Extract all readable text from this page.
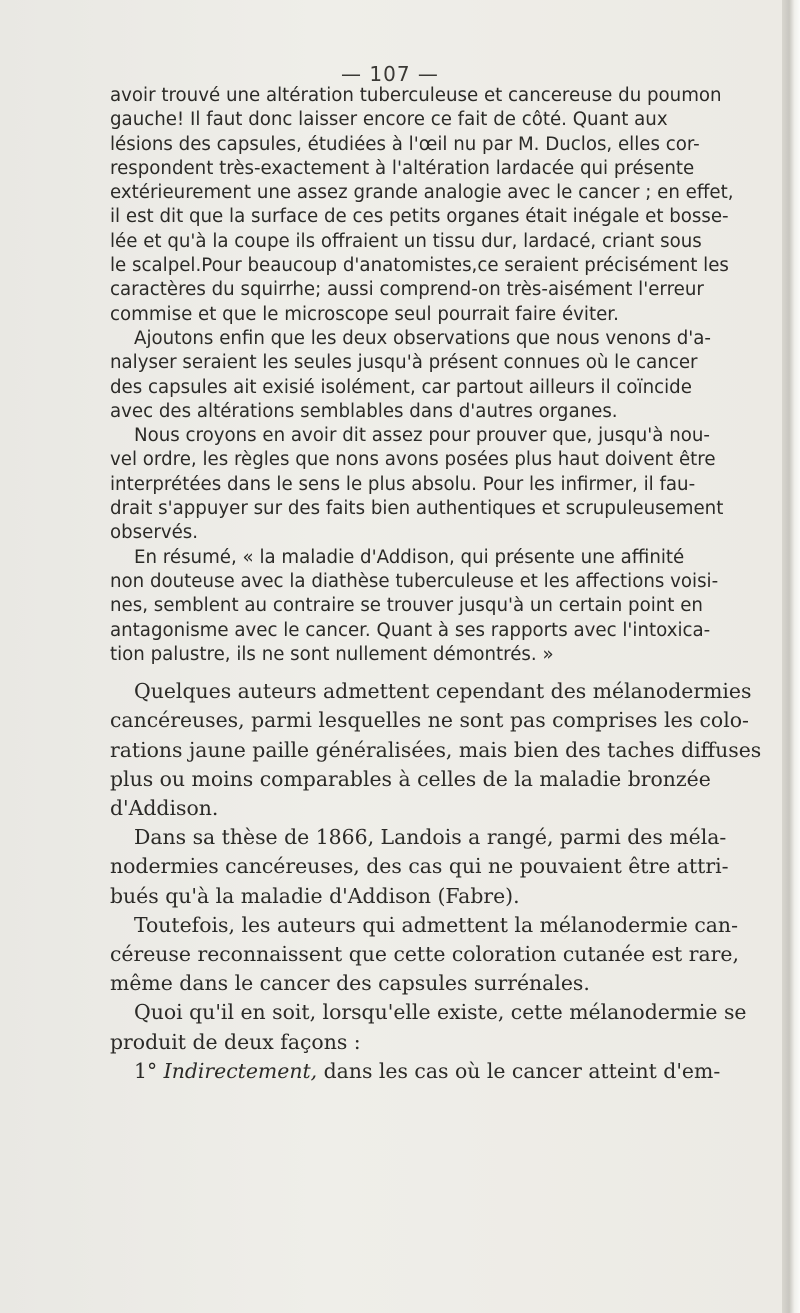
— 107 —

avoir trouvé une altération tuberculeuse et cancereuse du poumon
gauche! Il faut donc laisser encore ce fait de côté. Quant aux
lésions des capsules, étudiées à l'œil nu par M. Duclos, elles cor-
respondent très-exactement à l'altération lardacée qui présente
extérieurement une assez grande analogie avec le cancer ; en effet,
il est dit que la surface de ces petits organes était inégale et bosse-
lée et qu'à la coupe ils offraient un tissu dur, lardacé, criant sous
le scalpel.Pour beaucoup d'anatomistes,ce seraient précisément les
caractères du squirrhe; aussi comprend-on très-aisément l'erreur
commise et que le microscope seul pourrait faire éviter.

Ajoutons enfin que les deux observations que nous venons d'a-
nalyser seraient les seules jusqu'à présent connues où le cancer
des capsules ait exisié isolément, car partout ailleurs il coïncide
avec des altérations semblables dans d'autres organes.

Nous croyons en avoir dit assez pour prouver que, jusqu'à nou-
vel ordre, les règles que nons avons posées plus haut doivent être
interprétées dans le sens le plus absolu. Pour les infirmer, il fau-
drait s'appuyer sur des faits bien authentiques et scrupuleusement
observés.

En résumé, « la maladie d'Addison, qui présente une affinité
non douteuse avec la diathèse tuberculeuse et les affections voisi-
nes, semblent au contraire se trouver jusqu'à un certain point en
antagonisme avec le cancer. Quant à ses rapports avec l'intoxica-
tion palustre, ils ne sont nullement démontrés. »

Quelques auteurs admettent cependant des mélanodermies
cancéreuses, parmi lesquelles ne sont pas comprises les colo-
rations jaune paille généralisées, mais bien des taches diffuses
plus ou moins comparables à celles de la maladie bronzée
d'Addison.

Dans sa thèse de 1866, Landois a rangé, parmi des méla-
nodermies cancéreuses, des cas qui ne pouvaient être attri-
bués qu'à la maladie d'Addison (Fabre).

Toutefois, les auteurs qui admettent la mélanodermie can-
céreuse reconnaissent que cette coloration cutanée est rare,
même dans le cancer des capsules surrénales.

Quoi qu'il en soit, lorsqu'elle existe, cette mélanodermie se
produit de deux façons :

1° Indirectement, dans les cas où le cancer atteint d'em-
